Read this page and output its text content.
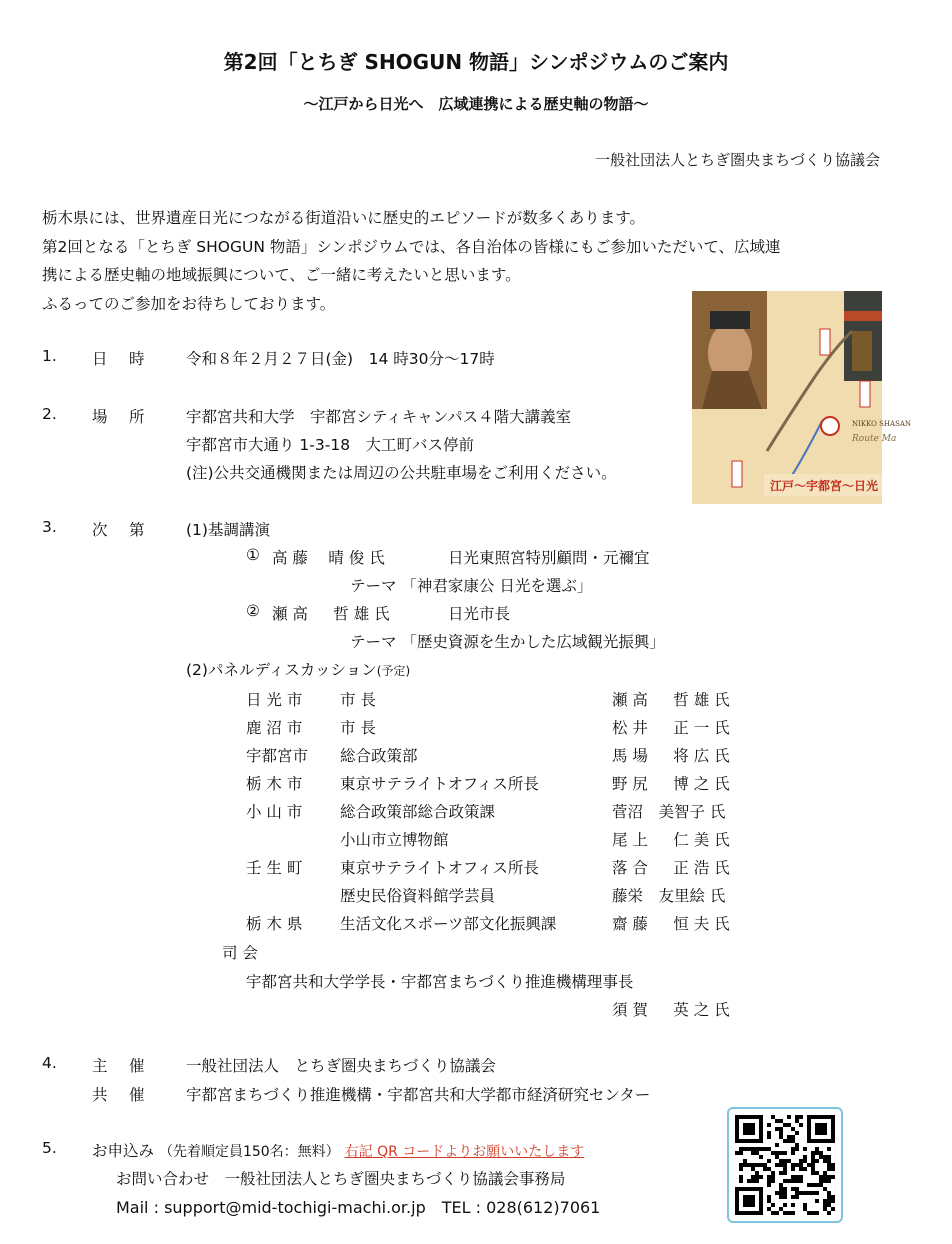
第2回「とちぎ SHOGUN 物語」シンポジウムのご案内
～江戸から日光へ　広域連携による歴史軸の物語～
一般社団法人とちぎ圏央まちづくり協議会
栃木県には、世界遺産日光につながる街道沿いに歴史的エピソードが数多くあります。
第2回となる「とちぎ SHOGUN 物語」シンポジウムでは、各自治体の皆様にもご参加いただいて、広域連
携による歴史軸の地域振興について、ご一緒に考えたいと思います。
ふるってのご参加をお待ちしております。
NIKKO SHASAN
Route Ma
江戸～宇都宮～日光
1. 日　時 令和８年２月２７日(金)　14 時30分～17時
2. 場　所 宇都宮共和大学　宇都宮シティキャンパス４階大講義室
宇都宮市大通り 1-3-18　大工町バス停前
(注)公共交通機関または周辺の公共駐車場をご利用ください。
3. 次　第 (1)基調講演
① 高 藤　 晴 俊 氏	日光東照宮特別顧問・元禰宜
テーマ 「神君家康公 日光を選ぶ」
② 瀬 高 　 哲 雄 氏	日光市長
テーマ 「歴史資源を生かした広域観光振興」
(2)パネルディスカッション(予定)
日 光 市 市 長	瀬 高 　 哲 雄 氏
鹿 沼 市 市 長	松 井 　 正 一 氏
宇都宮市 総合政策部	馬 場 　 将 広 氏
栃 木 市 東京サテライトオフィス所長	野 尻 　 博 之 氏
小 山 市 総合政策部総合政策課	菅沼　美智子 氏
小山市立博物館	尾 上 　 仁 美 氏
壬 生 町 東京サテライトオフィス所長	落 合 　 正 浩 氏
歴史民俗資料館学芸員	藤栄　友里絵 氏
栃 木 県 生活文化スポーツ部文化振興課	齋 藤 　 恒 夫 氏
司 会
宇都宮共和大学学長・宇都宮まちづくり推進機構理事長
須 賀 　 英 之 氏
4. 主　催 一般社団法人　とちぎ圏央まちづくり協議会
共　催 宇都宮まちづくり推進機構・宇都宮共和大学都市経済研究センター
5. お申込み （先着順定員150名：無料） 右記 QR コードよりお願いいたします
お問い合わせ　一般社団法人とちぎ圏央まちづくり協議会事務局
Mail : support@mid-tochigi-machi.or.jp　TEL : 028(612)7061
